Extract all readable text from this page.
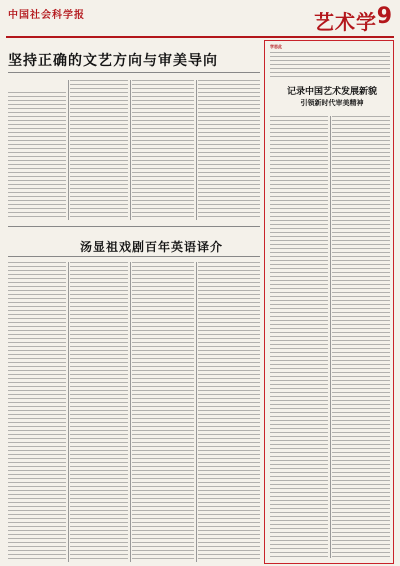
中国社会科学报	艺术学 9
坚持正确的文艺方向与审美导向
汤显祖戏剧百年英语译介
学思此
记录中国艺术发展新貌
引领新时代审美精神
